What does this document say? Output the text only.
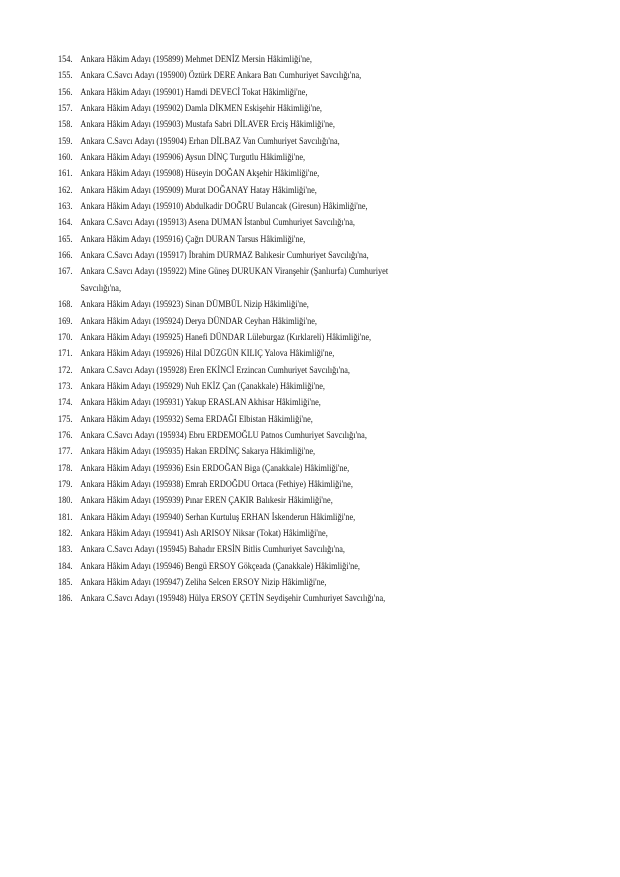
154. Ankara Hâkim Adayı (195899) Mehmet DENİZ Mersin Hâkimliği'ne,
155. Ankara C.Savcı Adayı (195900) Öztürk DERE Ankara Batı Cumhuriyet Savcılığı'na,
156. Ankara Hâkim Adayı (195901) Hamdi DEVECİ Tokat Hâkimliği'ne,
157. Ankara Hâkim Adayı (195902) Damla DİKMEN Eskişehir Hâkimliği'ne,
158. Ankara Hâkim Adayı (195903) Mustafa Sabri DİLAVER Erciş Hâkimliği'ne,
159. Ankara C.Savcı Adayı (195904) Erhan DİLBAZ Van Cumhuriyet Savcılığı'na,
160. Ankara Hâkim Adayı (195906) Aysun DİNÇ Turgutlu Hâkimliği'ne,
161. Ankara Hâkim Adayı (195908) Hüseyin DOĞAN Akşehir Hâkimliği'ne,
162. Ankara Hâkim Adayı (195909) Murat DOĞANAY Hatay Hâkimliği'ne,
163. Ankara Hâkim Adayı (195910) Abdulkadir DOĞRU Bulancak (Giresun) Hâkimliği'ne,
164. Ankara C.Savcı Adayı (195913) Asena DUMAN İstanbul Cumhuriyet Savcılığı'na,
165. Ankara Hâkim Adayı (195916) Çağrı DURAN Tarsus Hâkimliği'ne,
166. Ankara C.Savcı Adayı (195917) İbrahim DURMAZ Balıkesir Cumhuriyet Savcılığı'na,
167. Ankara C.Savcı Adayı (195922) Mine Güneş DURUKAN Viranşehir (Şanlıurfa) Cumhuriyet
Savcılığı'na,
168. Ankara Hâkim Adayı (195923) Sinan DÜMBÜL Nizip Hâkimliği'ne,
169. Ankara Hâkim Adayı (195924) Derya DÜNDAR Ceyhan Hâkimliği'ne,
170. Ankara Hâkim Adayı (195925) Hanefi DÜNDAR Lüleburgaz (Kırklareli) Hâkimliği'ne,
171. Ankara Hâkim Adayı (195926) Hilal DÜZGÜN KILIÇ Yalova Hâkimliği'ne,
172. Ankara C.Savcı Adayı (195928) Eren EKİNCİ Erzincan Cumhuriyet Savcılığı'na,
173. Ankara Hâkim Adayı (195929) Nuh EKİZ Çan (Çanakkale) Hâkimliği'ne,
174. Ankara Hâkim Adayı (195931) Yakup ERASLAN Akhisar Hâkimliği'ne,
175. Ankara Hâkim Adayı (195932) Sema ERDAĞI Elbistan Hâkimliği'ne,
176. Ankara C.Savcı Adayı (195934) Ebru ERDEMOĞLU Patnos Cumhuriyet Savcılığı'na,
177. Ankara Hâkim Adayı (195935) Hakan ERDİNÇ Sakarya Hâkimliği'ne,
178. Ankara Hâkim Adayı (195936) Esin ERDOĞAN Biga (Çanakkale) Hâkimliği'ne,
179. Ankara Hâkim Adayı (195938) Emrah ERDOĞDU Ortaca (Fethiye) Hâkimliği'ne,
180. Ankara Hâkim Adayı (195939) Pınar EREN ÇAKIR Balıkesir Hâkimliği'ne,
181. Ankara Hâkim Adayı (195940) Serhan Kurtuluş ERHAN İskenderun Hâkimliği'ne,
182. Ankara Hâkim Adayı (195941) Aslı ARISOY Niksar (Tokat) Hâkimliği'ne,
183. Ankara C.Savcı Adayı (195945) Bahadır ERSİN Bitlis Cumhuriyet Savcılığı'na,
184. Ankara Hâkim Adayı (195946) Bengü ERSOY Gökçeada (Çanakkale) Hâkimliği'ne,
185. Ankara Hâkim Adayı (195947) Zeliha Selcen ERSOY Nizip Hâkimliği'ne,
186. Ankara C.Savcı Adayı (195948) Hülya ERSOY ÇETİN Seydişehir Cumhuriyet Savcılığı'na,
